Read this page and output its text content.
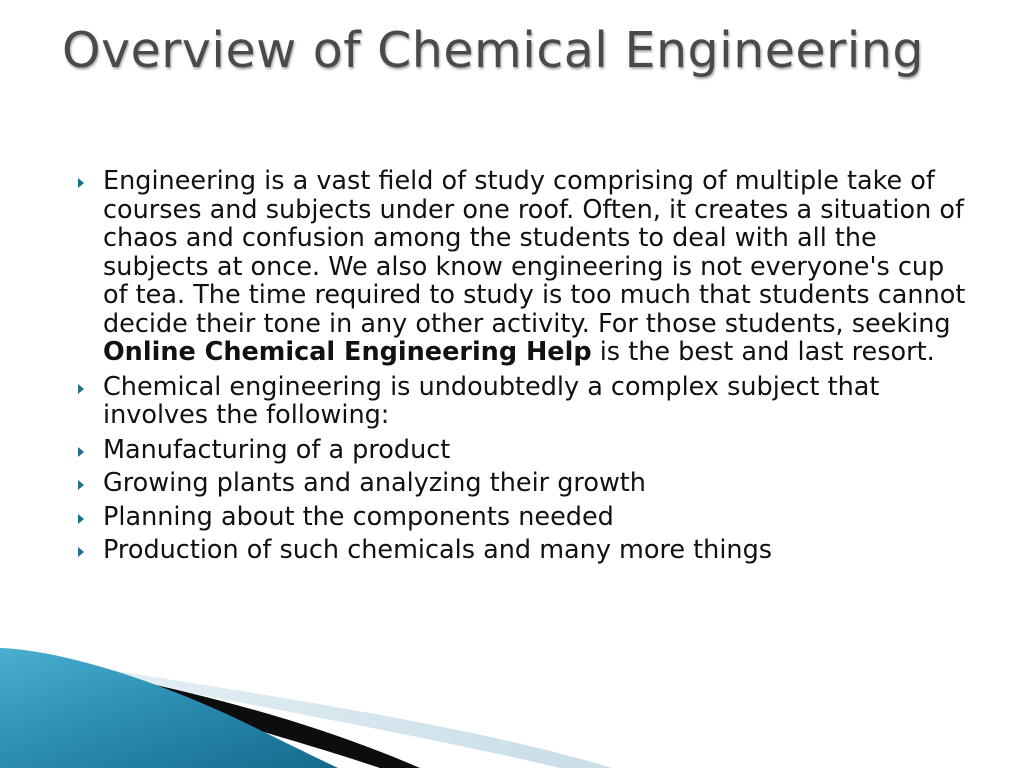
Overview of Chemical Engineering
Engineering is a vast field of study comprising of multiple take of courses and subjects under one roof. Often, it creates a situation of chaos and confusion among the students to deal with all the subjects at once. We also know engineering is not everyone's cup of tea. The time required to study is too much that students cannot decide their tone in any other activity. For those students, seeking Online Chemical Engineering Help is the best and last resort.
Chemical engineering is undoubtedly a complex subject that involves the following:
Manufacturing of a product
Growing plants and analyzing their growth
Planning about the components needed
Production of such chemicals and many more things
